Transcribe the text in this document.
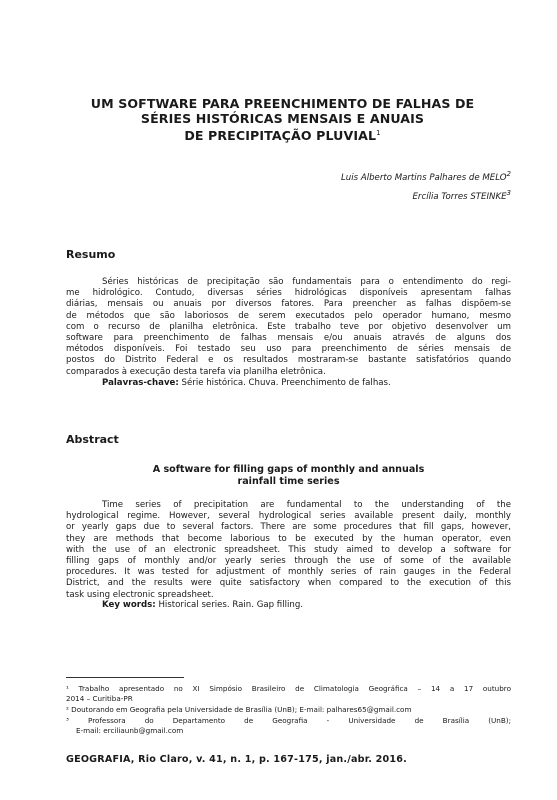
UM SOFTWARE PARA PREENCHIMENTO DE FALHAS DE
SÉRIES HISTÓRICAS MENSAIS E ANUAIS
DE PRECIPITAÇÃO PLUVIAL$^1$
Luis Alberto Martins Palhares de MELO$^2$
Ercília Torres STEINKE$^3$
Resumo
Séries históricas de precipitação são fundamentais para o entendimento do regi-
me hidrológico. Contudo, diversas séries hidrológicas disponíveis apresentam falhas
diárias, mensais ou anuais por diversos fatores. Para preencher as falhas dispõem-se
de métodos que são laboriosos de serem executados pelo operador humano, mesmo
com o recurso de planilha eletrônica. Este trabalho teve por objetivo desenvolver um
software para preenchimento de falhas mensais e/ou anuais através de alguns dos
métodos disponíveis. Foi testado seu uso para preenchimento de séries mensais de
postos do Distrito Federal e os resultados mostraram-se bastante satisfatórios quando
comparados à execução desta tarefa via planilha eletrônica.
Palavras-chave: Série histórica. Chuva. Preenchimento de falhas.
Abstract
A software for filling gaps of monthly and annuals
rainfall time series
Time series of precipitation are fundamental to the understanding of the
hydrological regime. However, several hydrological series available present daily, monthly
or yearly gaps due to several factors. There are some procedures that fill gaps, however,
they are methods that become laborious to be executed by the human operator, even
with the use of an electronic spreadsheet. This study aimed to develop a software for
filling gaps of monthly and/or yearly series through the use of some of the available
procedures. It was tested for adjustment of monthly series of rain gauges in the Federal
District, and the results were quite satisfactory when compared to the execution of this
task using electronic spreadsheet.
Key words: Historical series. Rain. Gap filling.
¹ Trabalho apresentado no XI Simpósio Brasileiro de Climatologia Geográfica – 14 a 17 outubro
2014 – Curitiba-PR
² Doutorando em Geografia pela Universidade de Brasília (UnB); E-mail: palhares65@gmail.com
³ Professora do Departamento de Geografia - Universidade de Brasília (UnB);
E-mail: erciliaunb@gmail.com
GEOGRAFIA, Rio Claro, v. 41, n. 1, p. 167-175, jan./abr. 2016.
